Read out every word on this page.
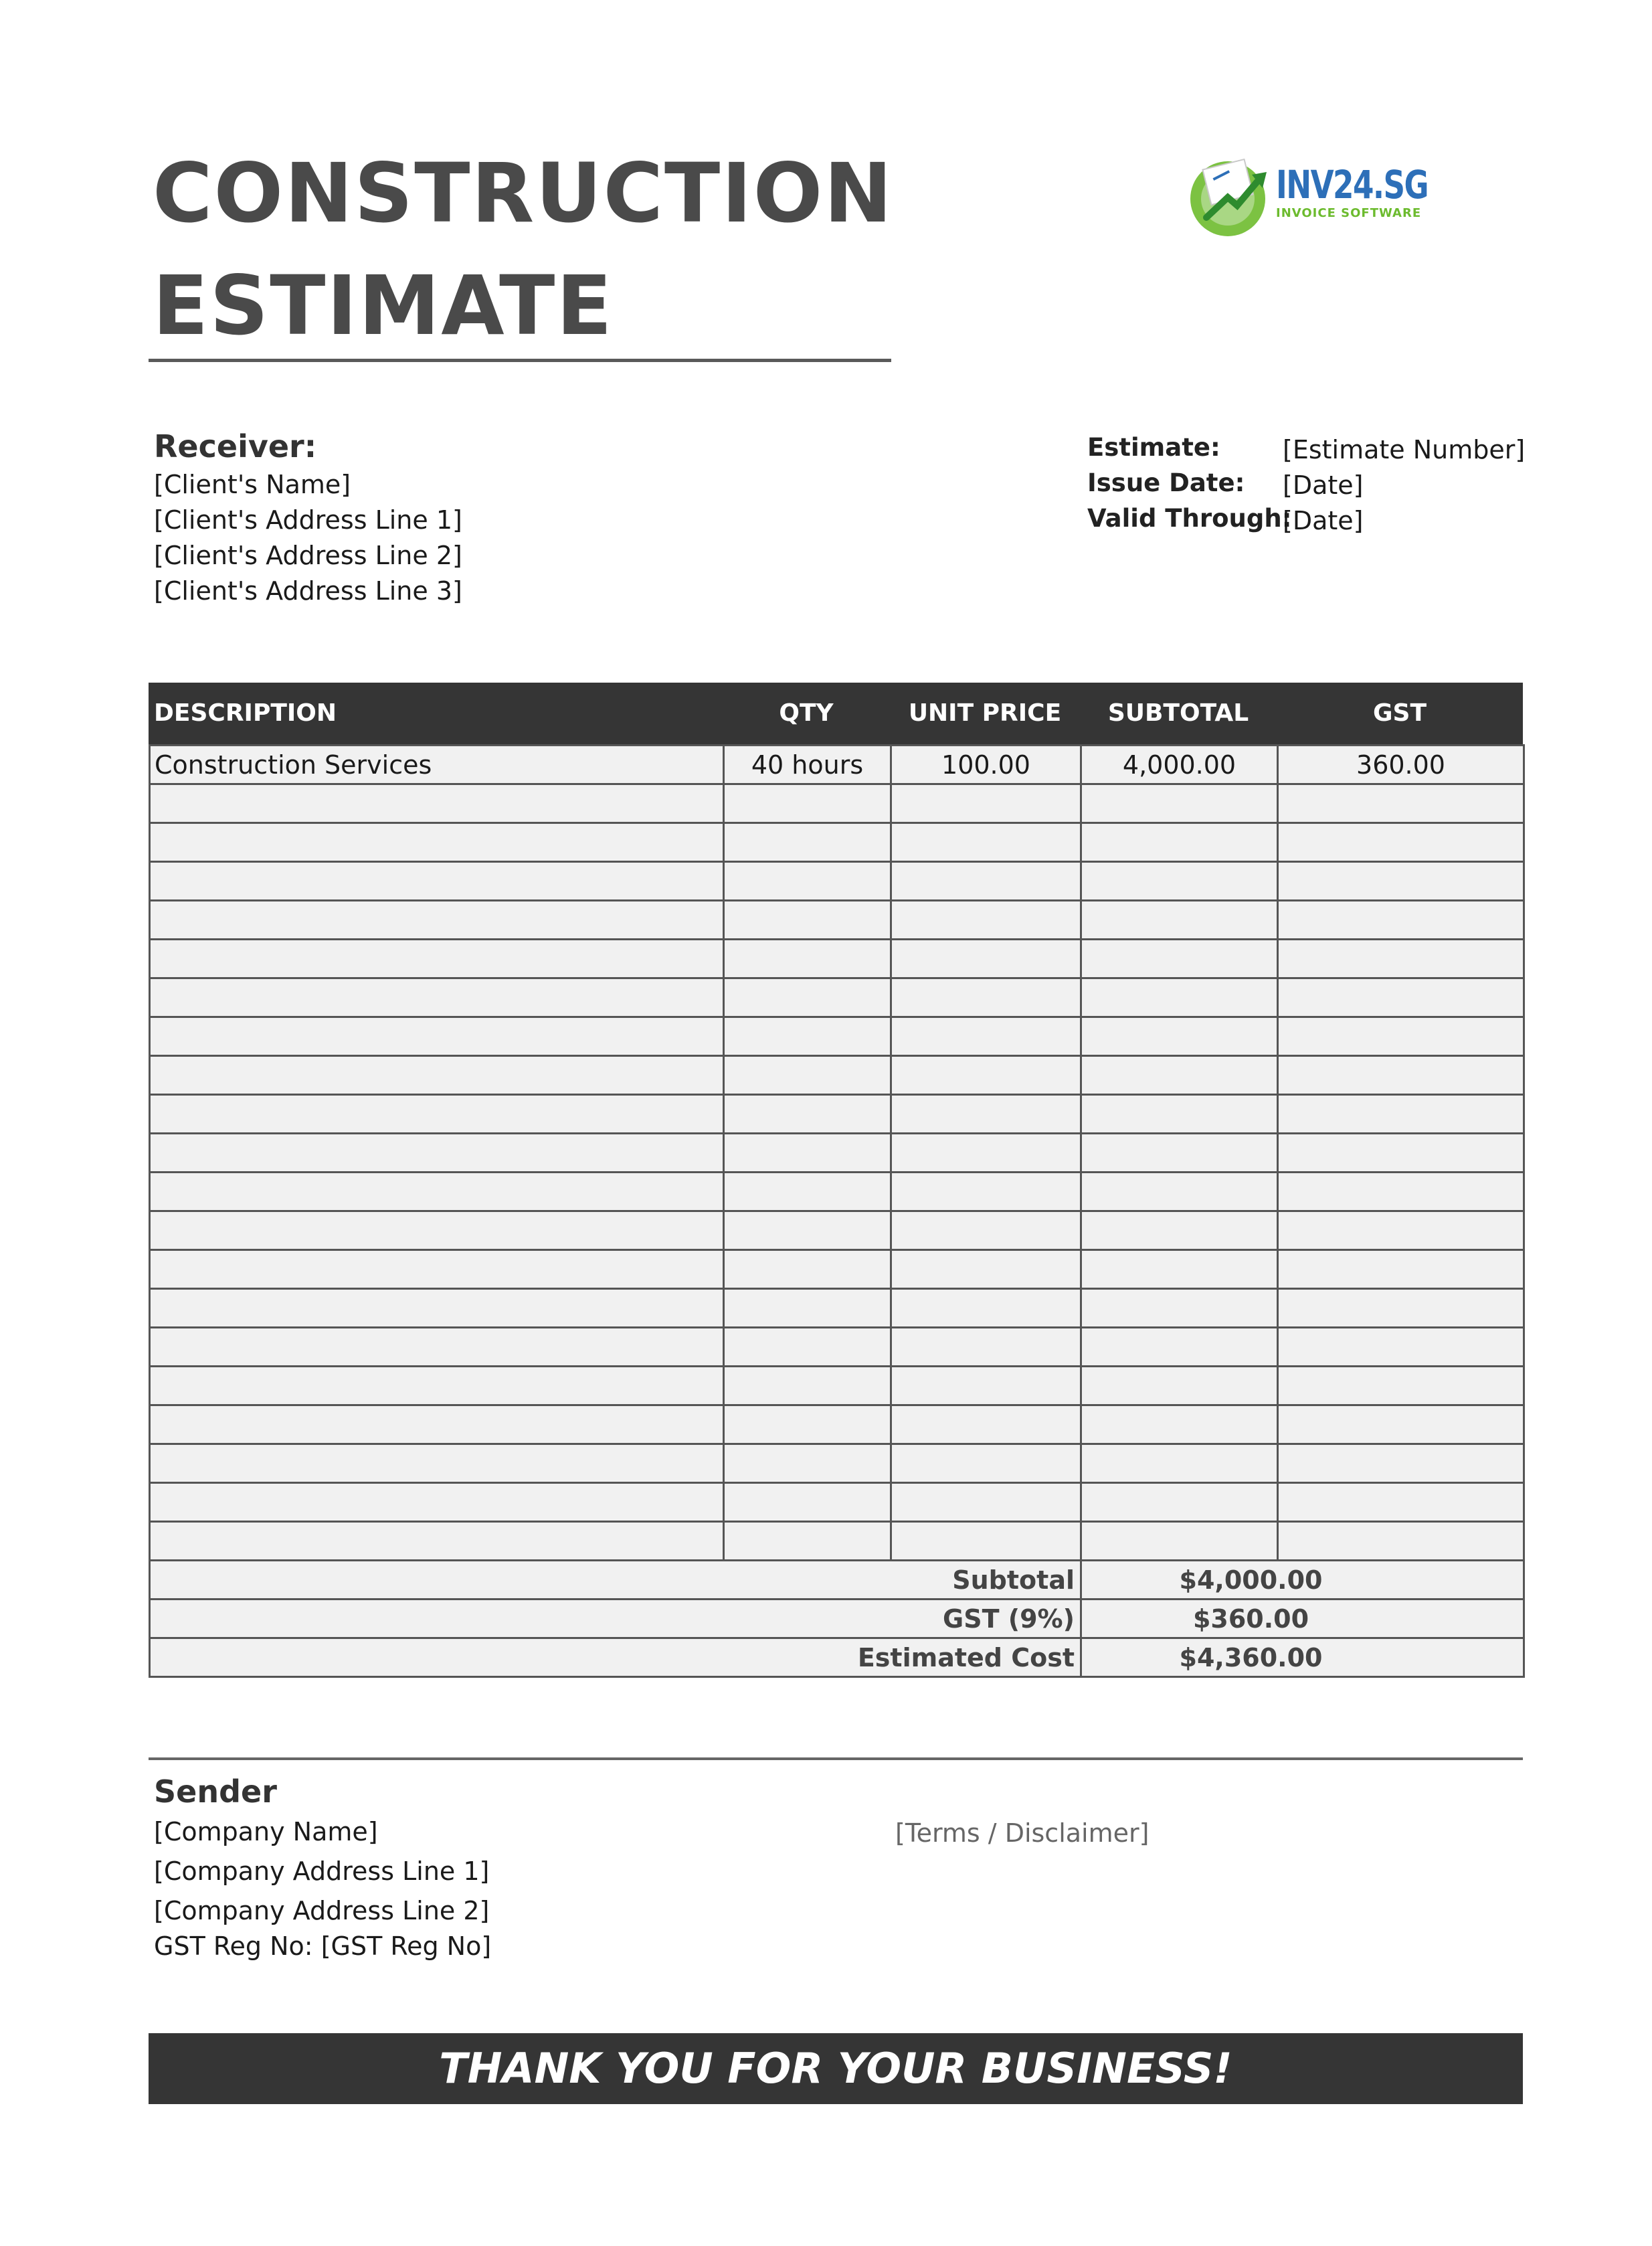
CONSTRUCTION
ESTIMATE
INV24.SG
INVOICE SOFTWARE
Receiver:
[Client's Name]
[Client's Address Line 1]
[Client's Address Line 2]
[Client's Address Line 3]
Estimate: [Estimate Number]
Issue Date: [Date]
Valid Through:
[Date]
DESCRIPTION	QTY	UNIT PRICE	SUBTOTAL	GST
Construction Services	40 hours	100.00	4,000.00	360.00

Subtotal			$4,000.00	
GST (9%)			$360.00	
Estimated Cost			$4,360.00	
Sender
[Company Name]
[Company Address Line 1]
[Company Address Line 2]
GST Reg No: [GST Reg No]
[Terms / Disclaimer]
THANK YOU FOR YOUR BUSINESS!
